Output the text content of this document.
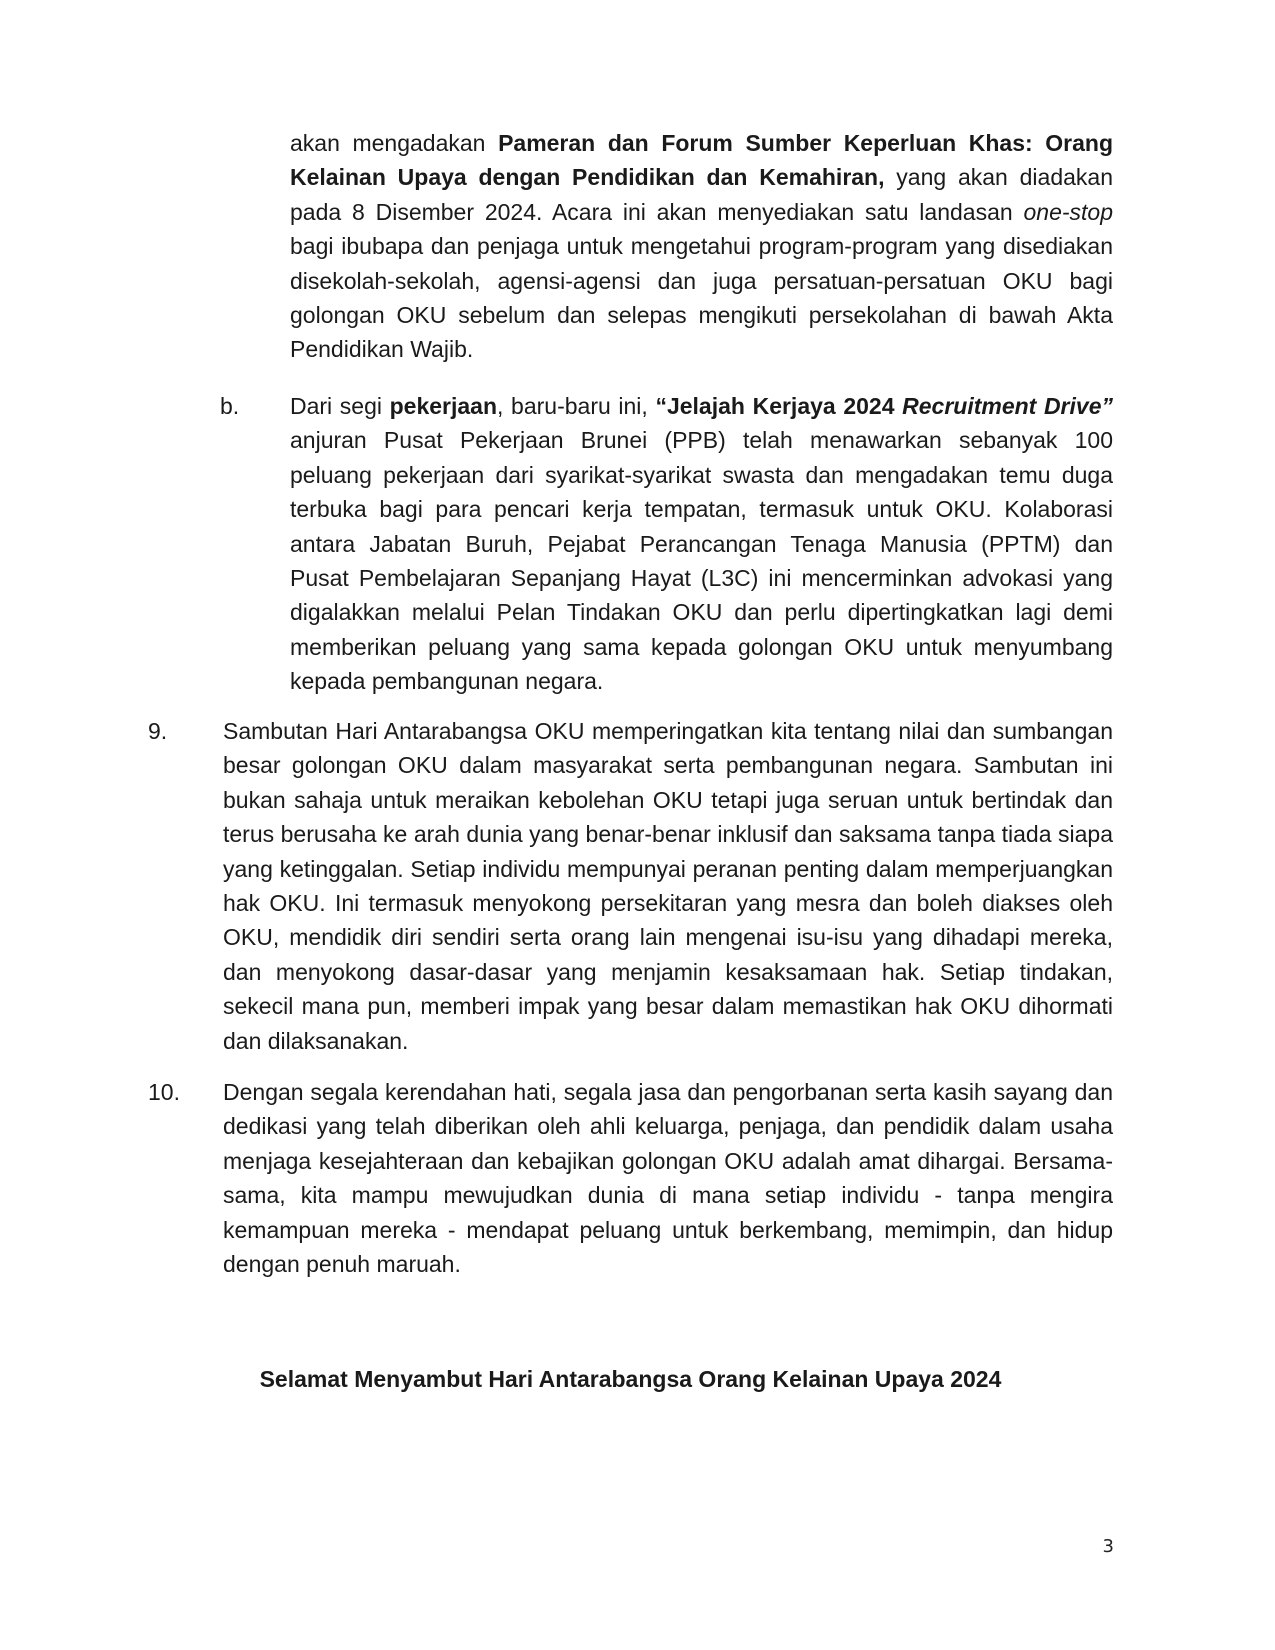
akan mengadakan Pameran dan Forum Sumber Keperluan Khas: Orang Kelainan Upaya dengan Pendidikan dan Kemahiran, yang akan diadakan pada 8 Disember 2024. Acara ini akan menyediakan satu landasan one-stop bagi ibubapa dan penjaga untuk mengetahui program-program yang disediakan disekolah-sekolah, agensi-agensi dan juga persatuan-persatuan OKU bagi golongan OKU sebelum dan selepas mengikuti persekolahan di bawah Akta Pendidikan Wajib.
b.	Dari segi pekerjaan, baru-baru ini, “Jelajah Kerjaya 2024 Recruitment Drive” anjuran Pusat Pekerjaan Brunei (PPB) telah menawarkan sebanyak 100 peluang pekerjaan dari syarikat-syarikat swasta dan mengadakan temu duga terbuka bagi para pencari kerja tempatan, termasuk untuk OKU. Kolaborasi antara Jabatan Buruh, Pejabat Perancangan Tenaga Manusia (PPTM) dan Pusat Pembelajaran Sepanjang Hayat (L3C) ini mencerminkan advokasi yang digalakkan melalui Pelan Tindakan OKU dan perlu dipertingkatkan lagi demi memberikan peluang yang sama kepada golongan OKU untuk menyumbang kepada pembangunan negara.
9.	Sambutan Hari Antarabangsa OKU memperingatkan kita tentang nilai dan sumbangan besar golongan OKU dalam masyarakat serta pembangunan negara. Sambutan ini bukan sahaja untuk meraikan kebolehan OKU tetapi juga seruan untuk bertindak dan terus berusaha ke arah dunia yang benar-benar inklusif dan saksama tanpa tiada siapa yang ketinggalan. Setiap individu mempunyai peranan penting dalam memperjuangkan hak OKU. Ini termasuk menyokong persekitaran yang mesra dan boleh diakses oleh OKU, mendidik diri sendiri serta orang lain mengenai isu-isu yang dihadapi mereka, dan menyokong dasar-dasar yang menjamin kesaksamaan hak. Setiap tindakan, sekecil mana pun, memberi impak yang besar dalam memastikan hak OKU dihormati dan dilaksanakan.
10.	Dengan segala kerendahan hati, segala jasa dan pengorbanan serta kasih sayang dan dedikasi yang telah diberikan oleh ahli keluarga, penjaga, dan pendidik dalam usaha menjaga kesejahteraan dan kebajikan golongan OKU adalah amat dihargai. Bersama-sama, kita mampu mewujudkan dunia di mana setiap individu - tanpa mengira kemampuan mereka - mendapat peluang untuk berkembang, memimpin, dan hidup dengan penuh maruah.
Selamat Menyambut Hari Antarabangsa Orang Kelainan Upaya 2024
3
